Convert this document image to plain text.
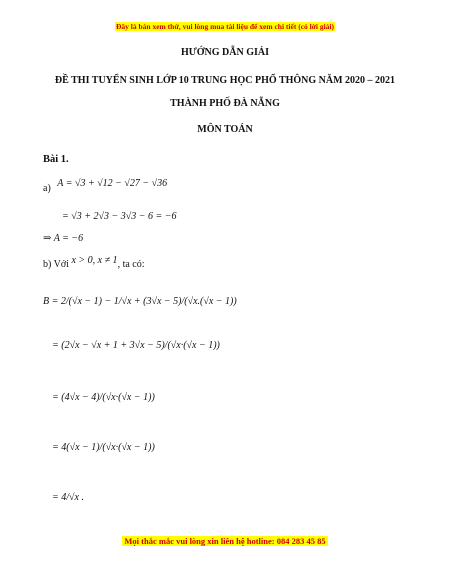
Đây là bản xem thử, vui lòng mua tài liệu để xem chi tiết (có lời giải)
HƯỚNG DẪN GIẢI
ĐỀ THI TUYỂN SINH LỚP 10 TRUNG HỌC PHỔ THÔNG NĂM 2020 – 2021
THÀNH PHỐ ĐÀ NẴNG
MÔN TOÁN
Bài 1.
a) A = √3 + √12 − √27 − √36
= √3 + 2√3 − 3√3 − 6 = −6
⇒ A = −6
b) Với x > 0, x ≠ 1, ta có:
B = 2/(√x − 1) − 1/√x + (3√x − 5)/(√x.(√x − 1))
= (2√x − √x + 1 + 3√x − 5)/(√x·(√x − 1))
= (4√x − 4)/(√x·(√x − 1))
= 4(√x − 1)/(√x·(√x − 1))
= 4/√x .
Mọi thắc mắc vui lòng xin liên hệ hotline: 084 283 45 85
